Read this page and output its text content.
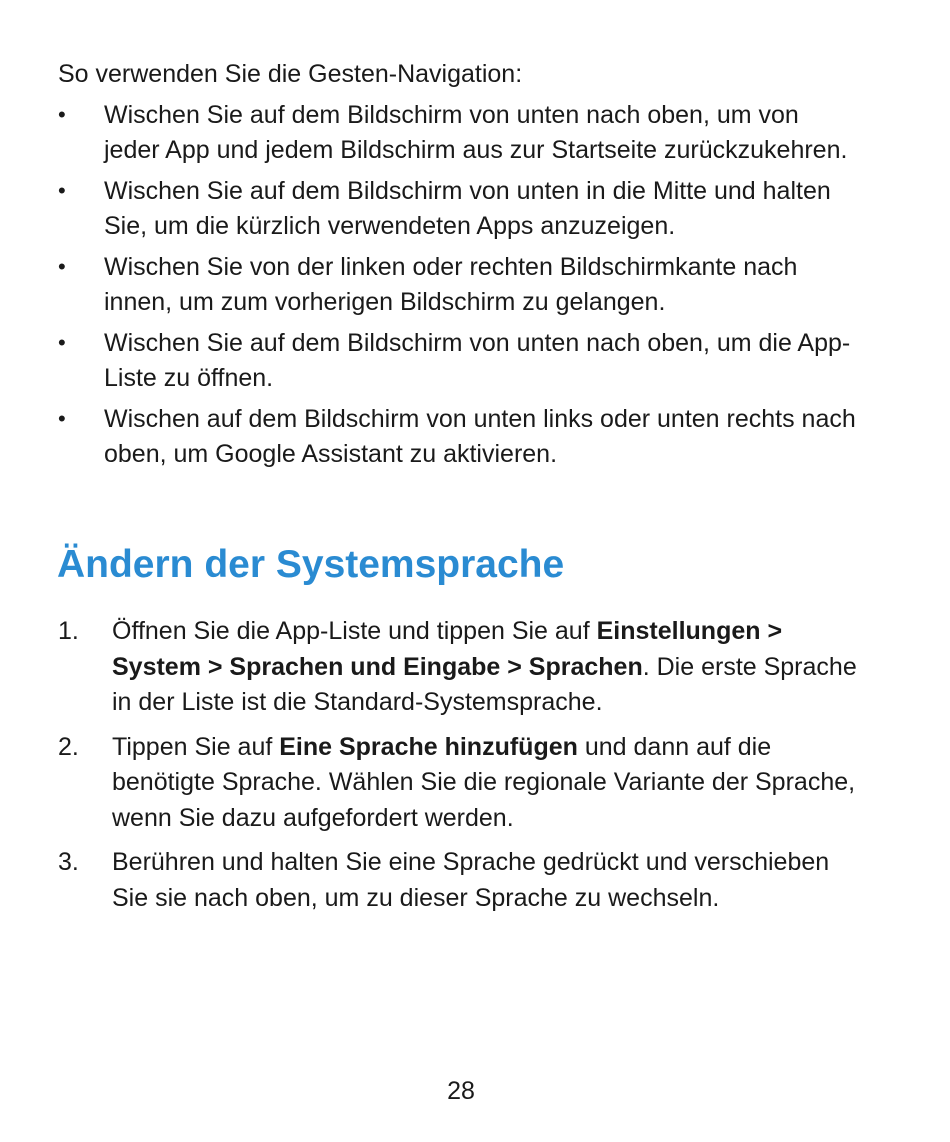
So verwenden Sie die Gesten-Navigation:

• Wischen Sie auf dem Bildschirm von unten nach oben, um von jeder App und jedem Bildschirm aus zur Startseite zurückzukehren.
• Wischen Sie auf dem Bildschirm von unten in die Mitte und halten Sie, um die kürzlich verwendeten Apps anzuzeigen.
• Wischen Sie von der linken oder rechten Bildschirmkante nach innen, um zum vorherigen Bildschirm zu gelangen.
• Wischen Sie auf dem Bildschirm von unten nach oben, um die App-Liste zu öffnen.
• Wischen auf dem Bildschirm von unten links oder unten rechts nach oben, um Google Assistant zu aktivieren.
Ändern der Systemsprache
1. Öffnen Sie die App-Liste und tippen Sie auf Einstellungen > System > Sprachen und Eingabe > Sprachen. Die erste Sprache in der Liste ist die Standard-Systemsprache.
2. Tippen Sie auf Eine Sprache hinzufügen und dann auf die benötigte Sprache. Wählen Sie die regionale Variante der Sprache, wenn Sie dazu aufgefordert werden.
3. Berühren und halten Sie eine Sprache gedrückt und verschieben Sie sie nach oben, um zu dieser Sprache zu wechseln.
28
